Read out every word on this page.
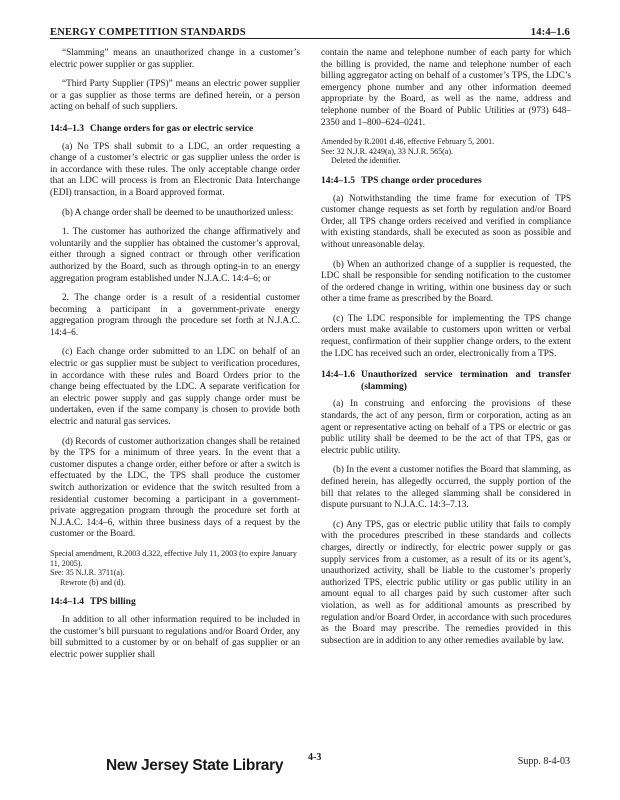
ENERGY COMPETITION STANDARDS	14:4–1.6

“Slamming” means an unauthorized change in a customer’s electric power supplier or gas supplier.

“Third Party Supplier (TPS)” means an electric power supplier or a gas supplier as those terms are defined herein, or a person acting on behalf of such suppliers.

14:4–1.3 Change orders for gas or electric service

(a) No TPS shall submit to a LDC, an order requesting a change of a customer’s electric or gas supplier unless the order is in accordance with these rules. The only acceptable change order that an LDC will process is from an Electronic Data Interchange (EDI) transaction, in a Board approved format.

(b) A change order shall be deemed to be unauthorized unless:

1. The customer has authorized the change affirmatively and voluntarily and the supplier has obtained the customer’s approval, either through a signed contract or through other verification authorized by the Board, such as through opting-in to an energy aggregation program established under N.J.A.C. 14:4–6; or

2. The change order is a result of a residential customer becoming a participant in a government-private energy aggregation program through the procedure set forth at N.J.A.C. 14:4–6.

(c) Each change order submitted to an LDC on behalf of an electric or gas supplier must be subject to verification procedures, in accordance with these rules and Board Orders prior to the change being effectuated by the LDC. A separate verification for an electric power supply and gas supply change order must be undertaken, even if the same company is chosen to provide both electric and natural gas services.

(d) Records of customer authorization changes shall be retained by the TPS for a minimum of three years. In the event that a customer disputes a change order, either before or after a switch is effectuated by the LDC, the TPS shall produce the customer switch authorization or evidence that the switch resulted from a residential customer becoming a participant in a government-private aggregation program through the procedure set forth at N.J.A.C. 14:4–6, within three business days of a request by the customer or the Board.

Special amendment, R.2003 d.322, effective July 11, 2003 (to expire January 11, 2005).
See: 35 N.J.R. 3711(a).
Rewrote (b) and (d).
14:4–1.4 TPS billing

In addition to all other information required to be included in the customer’s bill pursuant to regulations and/or Board Order, any bill submitted to a customer by or on behalf of gas supplier or an electric power supplier shall

contain the name and telephone number of each party for which the billing is provided, the name and telephone number of each billing aggregator acting on behalf of a customer’s TPS, the LDC’s emergency phone number and any other information deemed appropriate by the Board, as well as the name, address and telephone number of the Board of Public Utilities at (973) 648–2350 and 1–800–624–0241.

Amended by R.2001 d.46, effective February 5, 2001.
See: 32 N.J.R. 4249(a), 33 N.J.R. 565(a).
Deleted the identifier.
14:4–1.5 TPS change order procedures

(a) Notwithstanding the time frame for execution of TPS customer change requests as set forth by regulation and/or Board Order, all TPS change orders received and verified in compliance with existing standards, shall be executed as soon as possible and without unreasonable delay.

(b) When an authorized change of a supplier is requested, the LDC shall be responsible for sending notification to the customer of the ordered change in writing, within one business day or such other a time frame as prescribed by the Board.

(c) The LDC responsible for implementing the TPS change orders must make available to customers upon written or verbal request, confirmation of their supplier change orders, to the extent the LDC has received such an order, electronically from a TPS.

14:4–1.6 Unauthorized service termination and transfer (slamming)

(a) In construing and enforcing the provisions of these standards, the act of any person, firm or corporation, acting as an agent or representative acting on behalf of a TPS or electric or gas public utility shall be deemed to be the act of that TPS, gas or electric public utility.

(b) In the event a customer notifies the Board that slamming, as defined herein, has allegedly occurred, the supply portion of the bill that relates to the alleged slamming shall be considered in dispute pursuant to N.J.A.C. 14:3–7.13.

(c) Any TPS, gas or electric public utility that fails to comply with the procedures prescribed in these standards and collects charges, directly or indirectly, for electric power supply or gas supply services from a customer, as a result of its or its agent’s, unauthorized activity, shall be liable to the customer’s properly authorized TPS, electric public utility or gas public utility in an amount equal to all charges paid by such customer after such violation, as well as for additional amounts as prescribed by regulation and/or Board Order, in accordance with such procedures as the Board may prescribe. The remedies provided in this subsection are in addition to any other remedies available by law.

New Jersey State Library 4-3	Supp. 8-4-03
